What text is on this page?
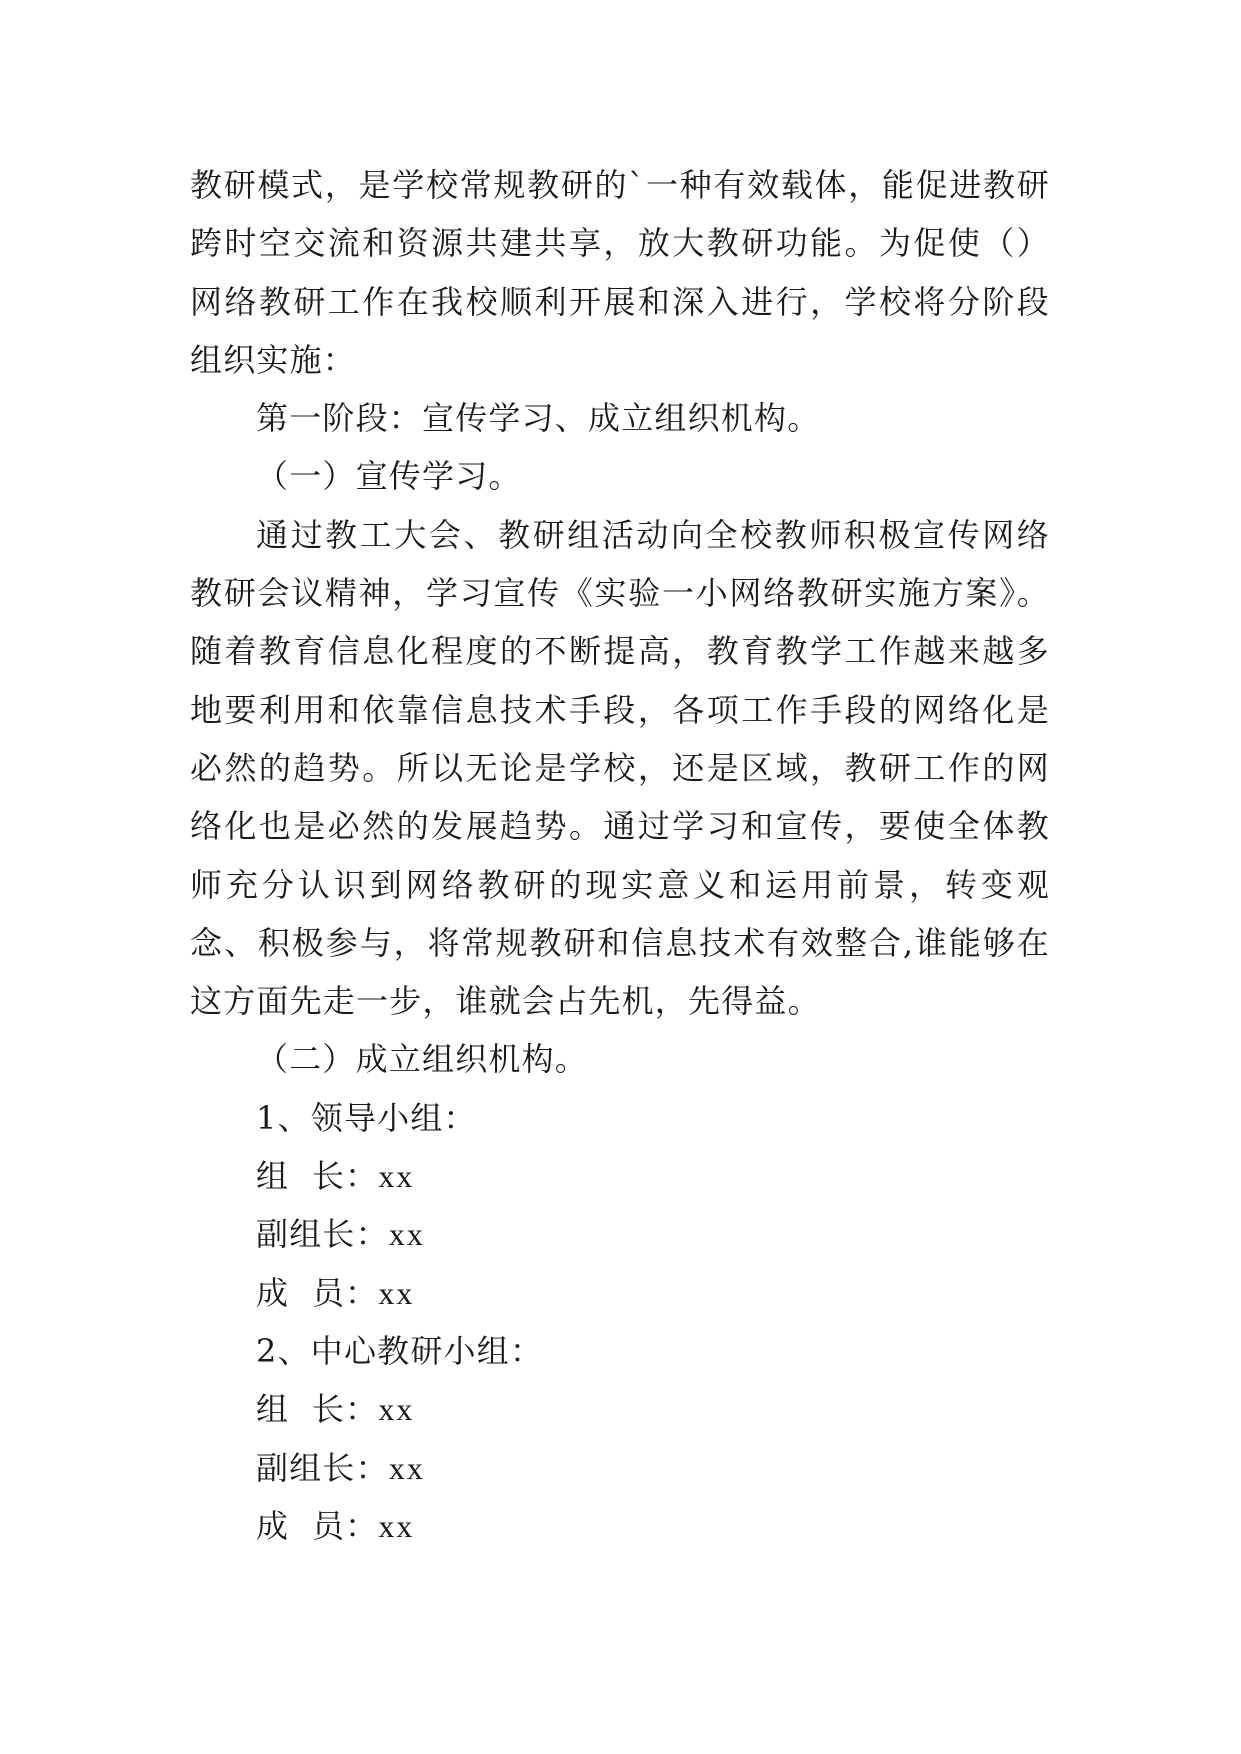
教研模式，是学校常规教研的`一种有效载体，能促进教研跨时空交流和资源共建共享，放大教研功能。为促使（）网络教研工作在我校顺利开展和深入进行，学校将分阶段组织实施：

第一阶段：宣传学习、成立组织机构。

（一）宣传学习。

通过教工大会、教研组活动向全校教师积极宣传网络教研会议精神，学习宣传《实验一小网络教研实施方案》。随着教育信息化程度的不断提高，教育教学工作越来越多地要利用和依靠信息技术手段，各项工作手段的网络化是必然的趋势。所以无论是学校，还是区域，教研工作的网络化也是必然的发展趋势。通过学习和宣传，要使全体教师充分认识到网络教研的现实意义和运用前景，转变观念、积极参与，将常规教研和信息技术有效整合,谁能够在这方面先走一步，谁就会占先机，先得益。

（二）成立组织机构。

1、领导小组：
组  长：xx
副组长：xx
成  员：xx
2、中心教研小组：
组  长：xx
副组长：xx
成  员：xx
